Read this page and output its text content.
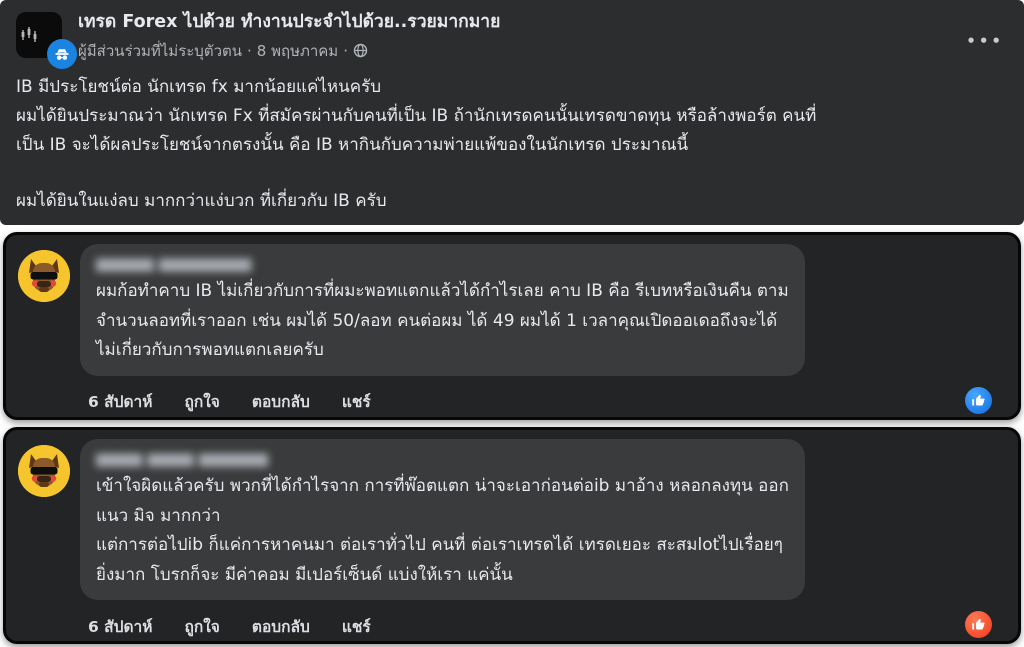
เทรด Forex ไปด้วย ทำงานประจำไปด้วย..รวยมากมาย
ผู้มีส่วนร่วมที่ไม่ระบุตัวตน · 8 พฤษภาคม ·
•••
IB มีประโยชน์ต่อ นักเทรด fx มากน้อยแค่ไหนครับ
ผมได้ยินประมาณว่า นักเทรด Fx ที่สมัครผ่านกับคนที่เป็น IB ถ้านักเทรดคนนั้นเทรดขาดทุน หรือล้างพอร์ต คนที่
เป็น IB จะได้ผลประโยชน์จากตรงนั้น คือ IB หากินกับความพ่ายแพ้ของในนักเทรด ประมาณนี้
ผมได้ยินในแง่ลบ มากกว่าแง่บวก ที่เกี่ยวกับ IB ครับ
▆▆▆▆▆ ▆▆▆▆▆▆▆▆
ผมก้อทำคาบ IB ไม่เกี่ยวกับการที่ผมะพอทแตกแล้วได้กำไรเลย คาบ IB คือ รีเบทหรือเงินคืน ตาม
จำนวนลอทที่เราออก เช่น ผมได้ 50/ลอท คนต่อผม ได้ 49 ผมได้ 1 เวลาคุณเปิดออเดอถึงจะได้
ไม่เกี่ยวกับการพอทแตกเลยครับ
6 สัปดาห์ ถูกใจ ตอบกลับ แชร์
▆▆▆▆ ▆▆▆▆ ▆▆▆▆▆▆
เข้าใจผิดแล้วครับ พวกที่ได้กำไรจาก การที่พ๊อตแตก น่าจะเอาก่อนต่อib มาอ้าง หลอกลงทุน ออก
แนว มิจ มากกว่า
แต่การต่อไปib ก็แค่การหาคนมา ต่อเราทั่วไป คนที่ ต่อเราเทรดได้ เทรดเยอะ สะสมlotไปเรื่อยๆ
ยิ่งมาก โบรกก็จะ มีค่าคอม มีเปอร์เซ็นด์ แบ่งให้เรา แค่นั้น
6 สัปดาห์ ถูกใจ ตอบกลับ แชร์
